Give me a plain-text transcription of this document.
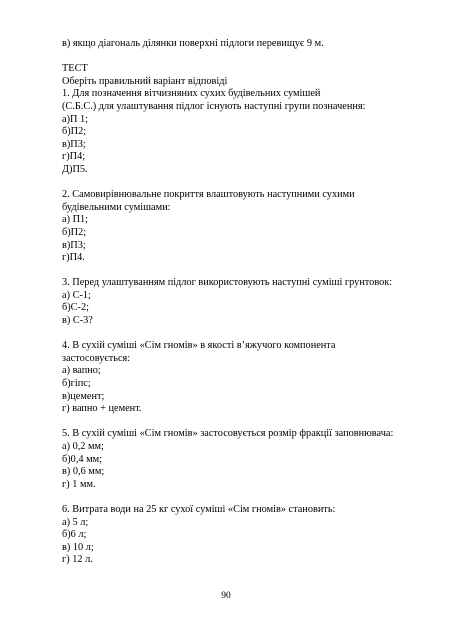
в) якщо діагональ ділянки поверхні підлоги перевищує 9 м.
ТЕСТ
Оберіть правильний варіант відповіді
1. Для позначення вітчизняних сухих будівельних сумішей
(С.Б.С.) для улаштування підлог існують наступні групи позначення:
а)П 1;
б)П2;
в)П3;
г)П4;
Д)П5.
2. Самовирівнювальне покриття влаштовують наступними сухими
будівельними сумішами:
а) П1;
б)П2;
в)П3;
г)П4.
3. Перед улаштуванням підлог використовують наступні суміші грунтовок:
а) С-1;
б)С-2;
в) С-3?
4. В сухій суміші «Сім гномів» в якості в’яжучого компонента
застосовується:
а) вапно;
б)гіпс;
в)цемент;
г) вапно + цемент.
5. В сухій суміші «Сім гномів» застосовується розмір фракції заповнювача:
а) 0,2 мм;
б)0,4 мм;
в) 0,6 мм;
г) 1 мм.
6. Витрата води на 25 кг сухої суміші «Сім гномів» становить:
а) 5 л;
б)6 л;
в) 10 л;
г) 12 л.
90
